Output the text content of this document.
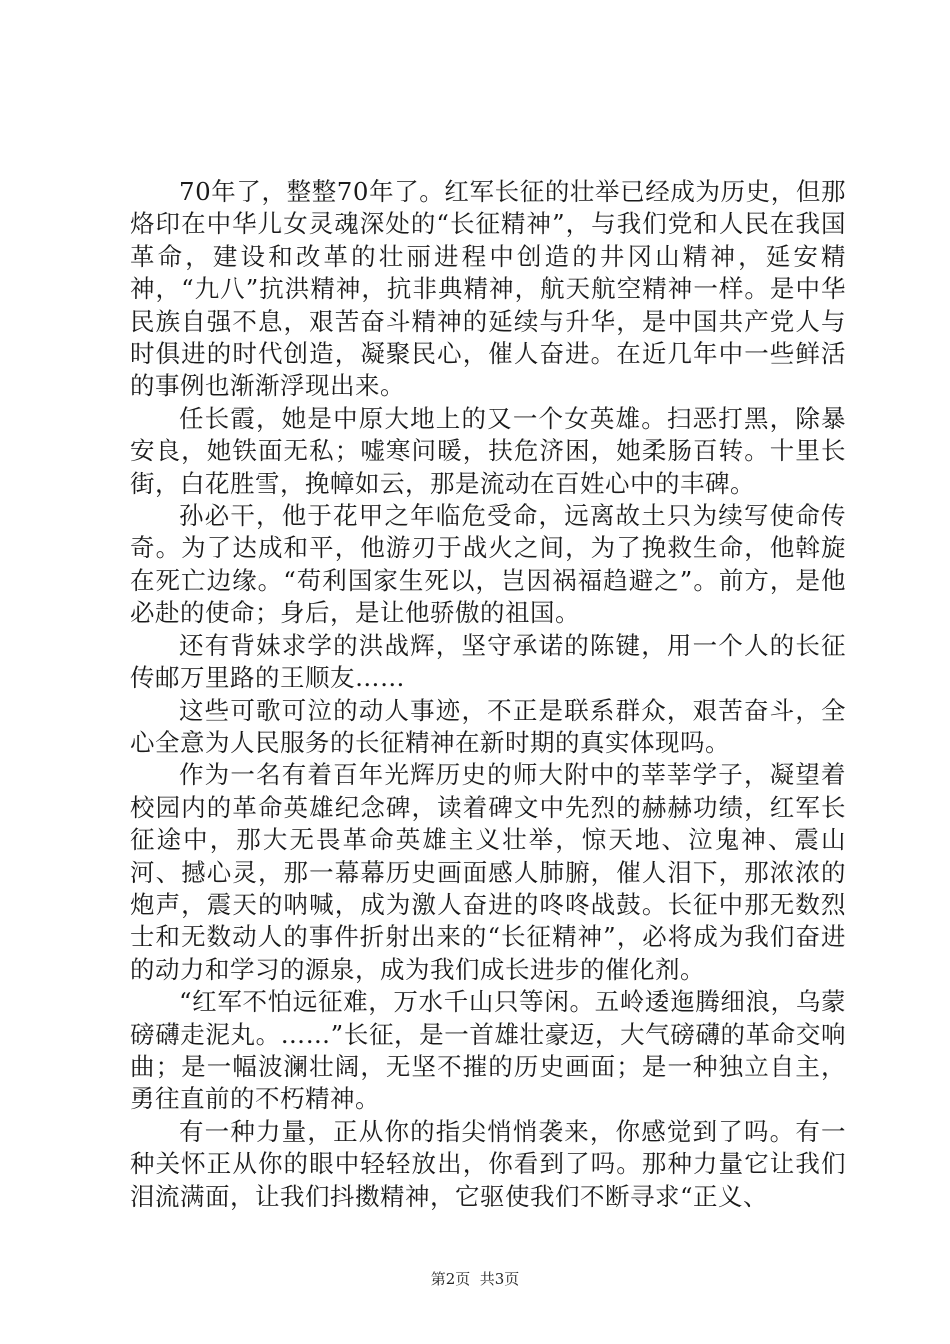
70年了，整整70年了。红军长征的壮举已经成为历史，但那烙印在中华儿女灵魂深处的“长征精神”，与我们党和人民在我国革命，建设和改革的壮丽进程中创造的井冈山精神，延安精神，“九八”抗洪精神，抗非典精神，航天航空精神一样。是中华民族自强不息，艰苦奋斗精神的延续与升华，是中国共产党人与时俱进的时代创造，凝聚民心，催人奋进。在近几年中一些鲜活的事例也渐渐浮现出来。

任长霞，她是中原大地上的又一个女英雄。扫恶打黑，除暴安良，她铁面无私；嘘寒问暖，扶危济困，她柔肠百转。十里长街，白花胜雪，挽幛如云，那是流动在百姓心中的丰碑。

孙必干，他于花甲之年临危受命，远离故土只为续写使命传奇。为了达成和平，他游刃于战火之间，为了挽救生命，他斡旋在死亡边缘。“苟利国家生死以，岂因祸福趋避之”。前方，是他必赴的使命；身后，是让他骄傲的祖国。

还有背妹求学的洪战辉，坚守承诺的陈键，用一个人的长征传邮万里路的王顺友……

这些可歌可泣的动人事迹，不正是联系群众，艰苦奋斗，全心全意为人民服务的长征精神在新时期的真实体现吗。

作为一名有着百年光辉历史的师大附中的莘莘学子，凝望着校园内的革命英雄纪念碑，读着碑文中先烈的赫赫功绩，红军长征途中，那大无畏革命英雄主义壮举，惊天地、泣鬼神、震山河、撼心灵，那一幕幕历史画面感人肺腑，催人泪下，那浓浓的炮声，震天的呐喊，成为激人奋进的咚咚战鼓。长征中那无数烈士和无数动人的事件折射出来的“长征精神”，必将成为我们奋进的动力和学习的源泉，成为我们成长进步的催化剂。

“红军不怕远征难，万水千山只等闲。五岭逶迤腾细浪，乌蒙磅礴走泥丸。……”长征，是一首雄壮豪迈，大气磅礴的革命交响曲；是一幅波澜壮阔，无坚不摧的历史画面；是一种独立自主，勇往直前的不朽精神。

有一种力量，正从你的指尖悄悄袭来，你感觉到了吗。有一种关怀正从你的眼中轻轻放出，你看到了吗。那种力量它让我们泪流满面，让我们抖擞精神，它驱使我们不断寻求“正义、

第2页  共3页
